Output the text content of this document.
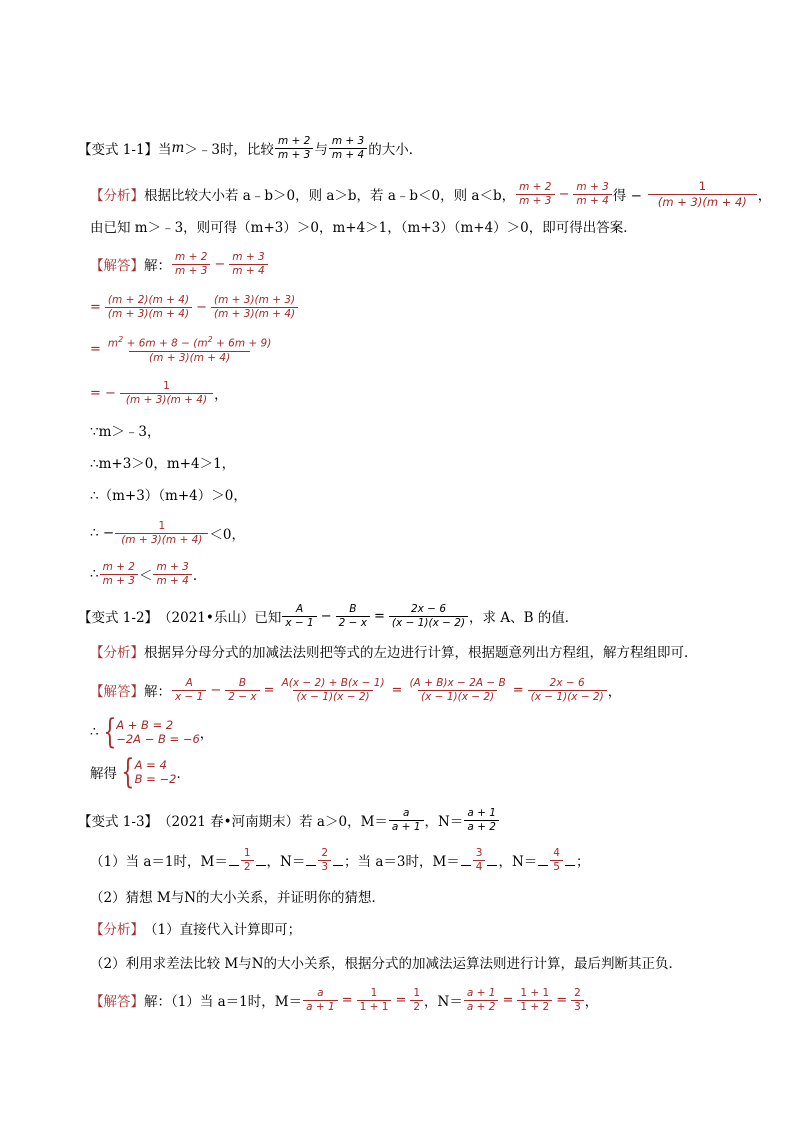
【变式 1-1】 当 m ＞﹣3时，比较
m + 2
m + 3 与
m + 3
m + 4 的大小．
【分析】 根据比较大小若 a﹣b＞0，则 a＞b，若 a﹣b＜0，则 a＜b，
m + 2
$m + 3 - \frac{m + 3}{m + 4}$ 得 − $\frac{1}{(m + 3)(m + 4)}$ ，
由已知 m＞﹣3，则可得（m+3）＞0，m+4＞1，（m+3）（m+4）＞0，即可得出答案．
【解答】 解：
m + 2
$m + 3 - \frac{m + 3}{m + 4}$
= $\frac{(m + 2)(m + 4)}{(m + 3)(m + 4)} - \frac{(m + 3)(m + 3)}{(m + 3)(m + 4)}$
= $\frac{m^2 + 6m + 8 - (m^2 + 6m + 9)}{(m + 3)(m + 4)}$
= − $\frac{1}{(m + 3)(m + 4)}$ ，
∵m＞﹣3，
∴m+3＞0，m+4＞1，
∴（m+3）（m+4）＞0，
∴ − $\frac{1}{(m + 3)(m + 4)} <0$，
∴ m + 2
m + 3 ＜
m + 3
m + 4 ．
【变式 1-2】 （2021•乐山）已知
A
$x - 1 - \frac{B}{2 - x} = \frac{2x - 6}{(x - 1)(x - 2)}$ ，求 A、B 的值．
【分析】 根据异分母分式的加减法法则把等式的左边进行计算，根据题意列出方程组，解方程组即可．
【解答】 解：
A
$x - 1 - \frac{B}{2 - x} = \frac{A(x - 2) + B(x - 1)}{(x - 1)(x - 2)} = \frac{(A + B)x - 2A - B}{(x - 1)(x - 2)} = \frac{2x - 6}{(x - 1)(x - 2)}$ ，
∴ { A + B = 2
−2A − B = −6 ，
解得 { A = 4
B = −2 ．
【变式 1-3】 （2021 春•河南期末）若 a＞0，M＝
a
a + 1 ，N＝
a + 1
a + 2
（1）当 a＝1时，M＝
1
2 ，N＝
2
3 ；当 a＝3时，M＝
3
4 ，N＝
4
5 ；
（2）猜想 M与N的大小关系，并证明你的猜想．
【分析】 （1）直接代入计算即可；
（2）利用求差法比较 M与N的大小关系，根据分式的加减法运算法则进行计算，最后判断其正负．
【解答】 解：（1）当 a＝1时，$M= \frac{a}{a + 1} = \frac{1}{1 + 1} = \frac{1}{2}$ ，$N= \frac{a + 1}{a + 2} = \frac{1 + 1}{1 + 2} = \frac{2}{3}$ ，
